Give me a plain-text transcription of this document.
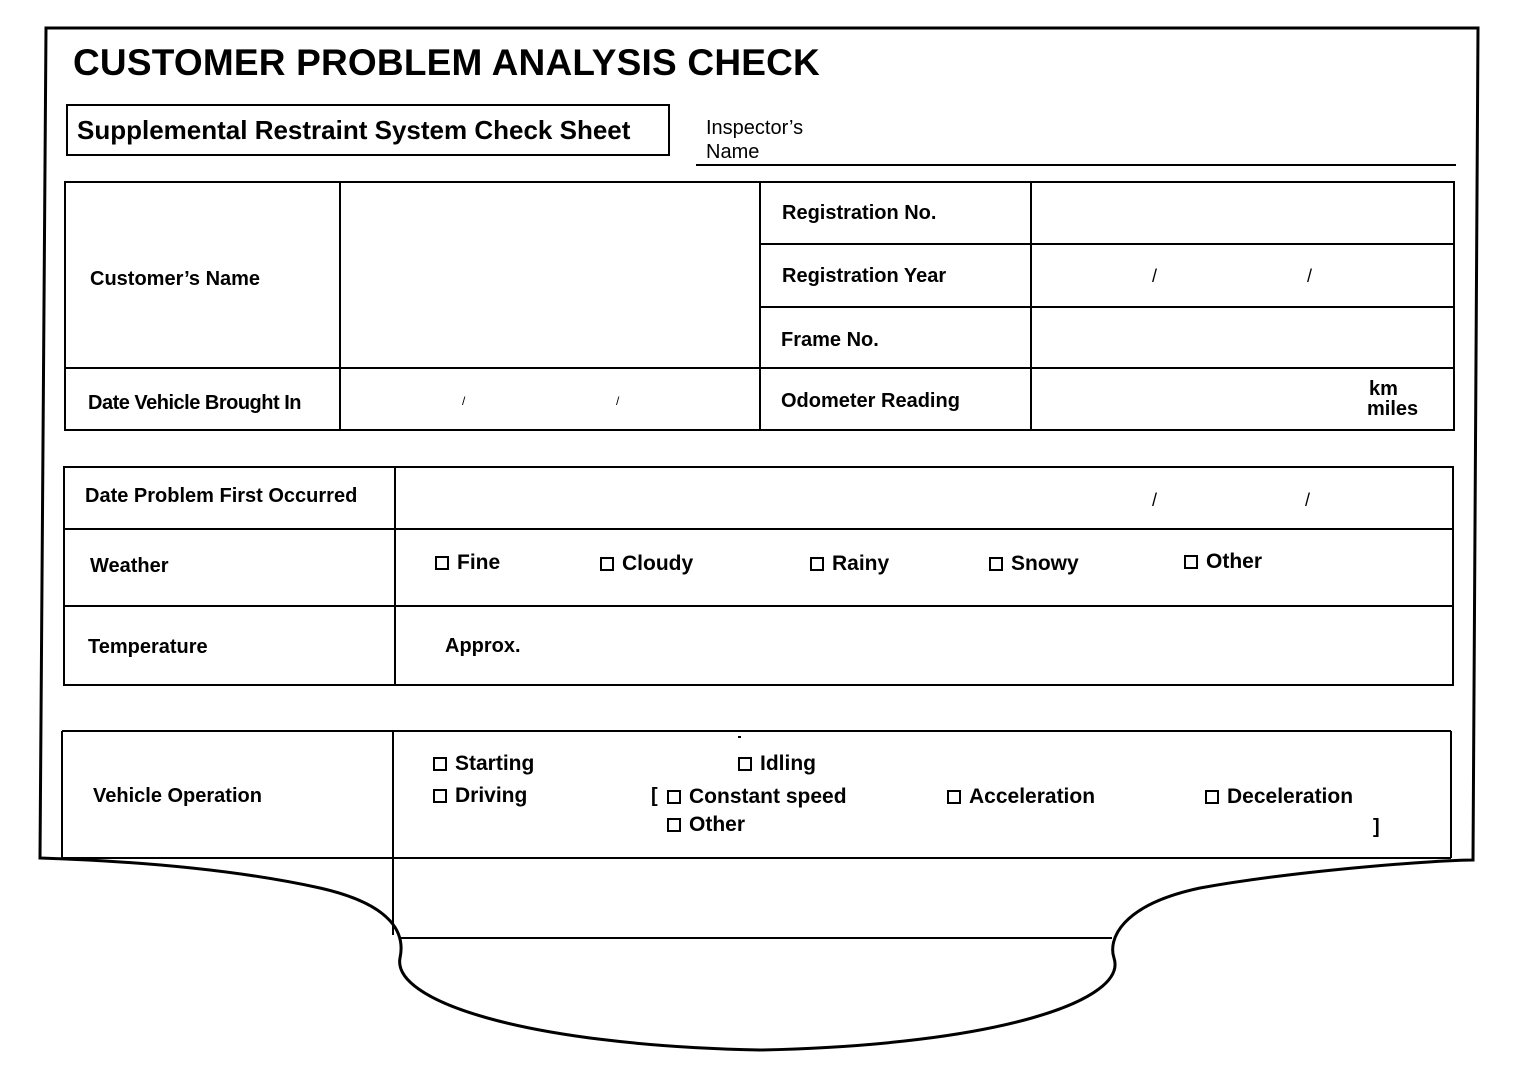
CUSTOMER PROBLEM ANALYSIS CHECK
Supplemental Restraint System Check Sheet	Inspector’s
Name
Customer’s Name
Registration No.
Registration Year	/	/
Frame No.
Date Vehicle Brought In	/	/	Odometer Reading
km
miles
Date Problem First Occurred	/	/
Weather	Fine	Cloudy	Rainy	Snowy	Other
Temperature	Approx.
Vehicle Operation
Starting	Idling
Driving	[ Constant speed	Acceleration	Deceleration
Other	]
